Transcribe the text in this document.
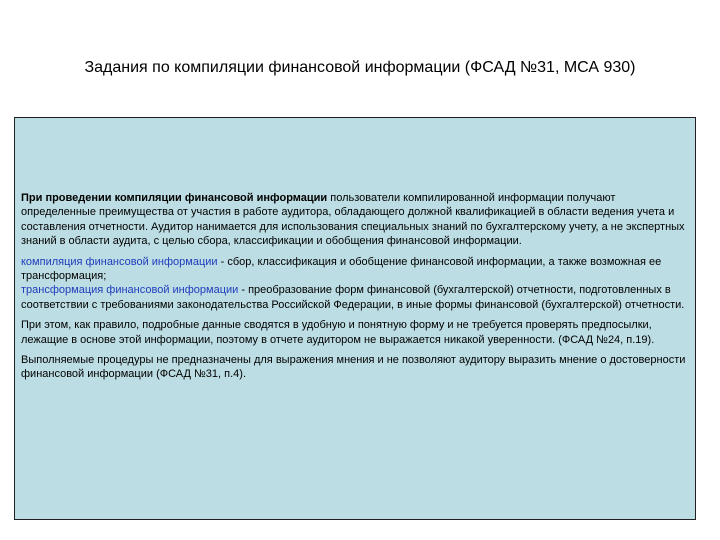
Задания по компиляции финансовой информации (ФСАД №31, МСА 930)

При проведении компиляции финансовой информации пользователи компилированной информации получают определенные преимущества от участия в работе аудитора, обладающего должной квалификацией в области ведения учета и составления отчетности. Аудитор нанимается для использования специальных знаний по бухгалтерскому учету, а не экспертных знаний в области аудита, с целью сбора, классификации и обобщения финансовой информации.

компиляция финансовой информации - сбор, классификация и обобщение финансовой информации, а также возможная ее трансформация;
трансформация финансовой информации - преобразование форм финансовой (бухгалтерской) отчетности, подготовленных в соответствии с требованиями законодательства Российской Федерации, в иные формы финансовой (бухгалтерской) отчетности.

При этом, как правило, подробные данные сводятся в удобную и понятную форму и не требуется проверять предпосылки, лежащие в основе этой информации, поэтому в отчете аудитором не выражается никакой уверенности. (ФСАД №24, п.19).

Выполняемые процедуры не предназначены для выражения мнения и не позволяют аудитору выразить мнение о достоверности финансовой информации (ФСАД №31, п.4).
